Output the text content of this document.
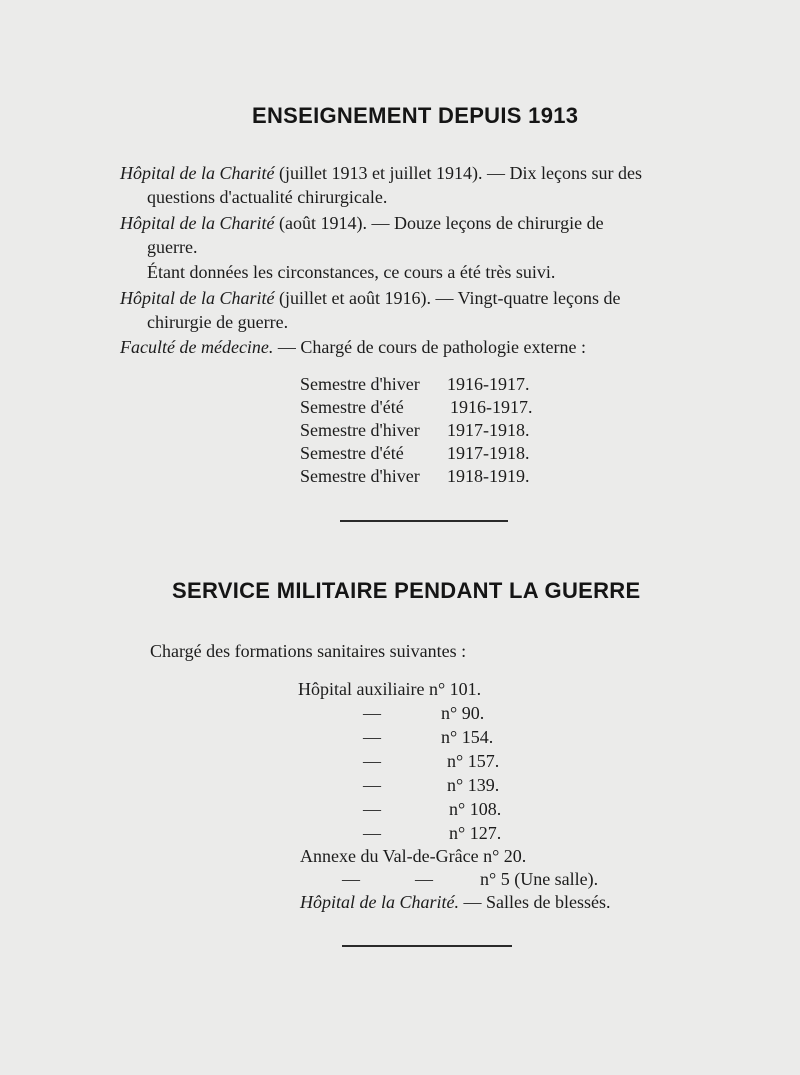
ENSEIGNEMENT DEPUIS 1913
Hôpital de la Charité (juillet 1913 et juillet 1914). — Dix leçons sur des
questions d'actualité chirurgicale.
Hôpital de la Charité (août 1914). — Douze leçons de chirurgie de
guerre.
Étant données les circonstances, ce cours a été très suivi.
Hôpital de la Charité (juillet et août 1916). — Vingt-quatre leçons de
chirurgie de guerre.
Faculté de médecine. — Chargé de cours de pathologie externe :
Semestre d'hiver 1916-1917.
Semestre d'été	1916-1917.
Semestre d'hiver 1917-1918.
Semestre d'été 1917-1918.
Semestre d'hiver 1918-1919.
SERVICE MILITAIRE PENDANT LA GUERRE
Chargé des formations sanitaires suivantes :
Hôpital auxiliaire n° 101.
—	n° 90.
—	n° 154.
—	n° 157.
—	n° 139.
—	n° 108.
—	n° 127.
Annexe du Val-de-Grâce n° 20.
—	—	n° 5 (Une salle).
Hôpital de la Charité. — Salles de blessés.
